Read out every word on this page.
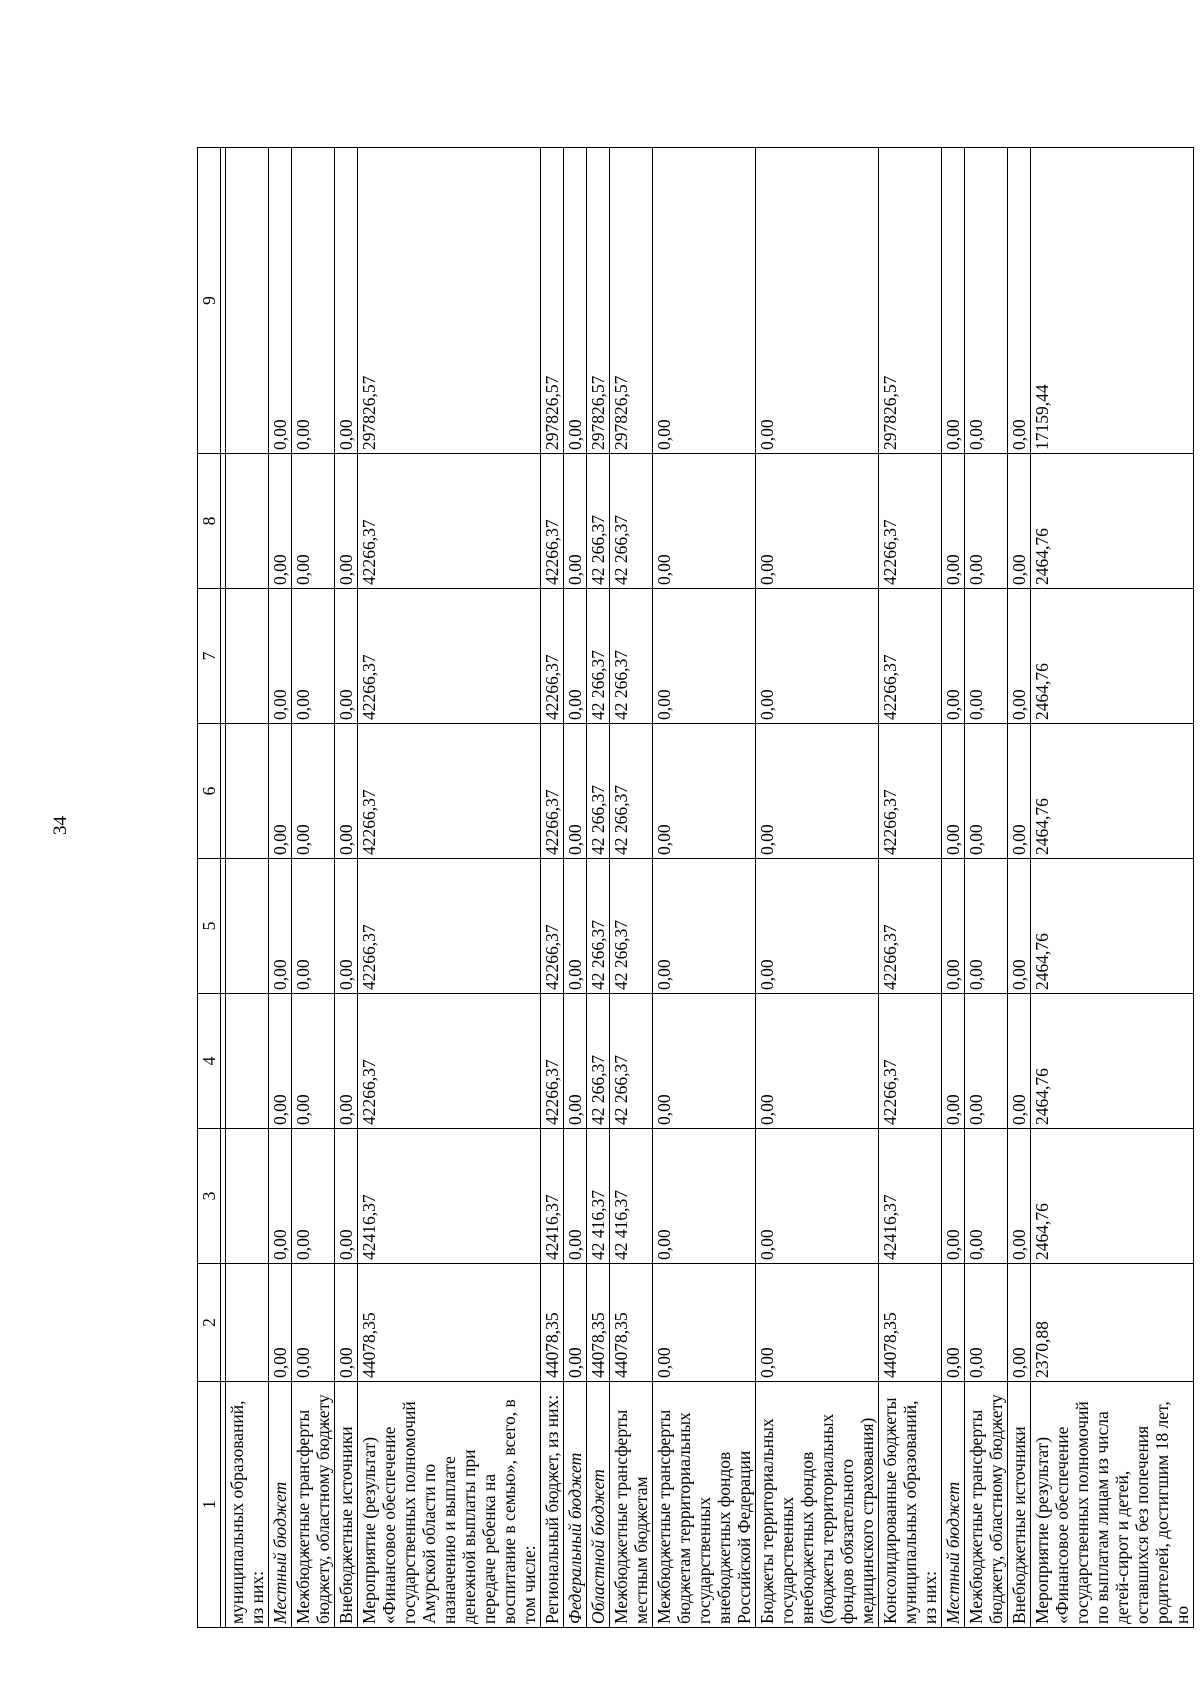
34
1	2	3	4	5	6	7	8	9

муниципальных образований, из них:								
Местный бюджет	0,00	0,00	0,00	0,00	0,00	0,00	0,00	0,00
Межбюджетные трансферты бюджету, областному бюджету	0,00	0,00	0,00	0,00	0,00	0,00	0,00	0,00
Внебюджетные источники	0,00	0,00	0,00	0,00	0,00	0,00	0,00	0,00
Мероприятие (результат) «Финансовое обеспечение государственных полномочий Амурской области по назначению и выплате денежной выплаты при передаче ребенка на воспитание в семью», всего, в том числе:	44078,35	42416,37	42266,37	42266,37	42266,37	42266,37	42266,37	297826,57
Региональный бюджет, из них:	44078,35	42416,37	42266,37	42266,37	42266,37	42266,37	42266,37	297826,57
Федеральный бюджет	0,00	0,00	0,00	0,00	0,00	0,00	0,00	0,00
Областной бюджет	44078,35	42 416,37	42 266,37	42 266,37	42 266,37	42 266,37	42 266,37	297826,57
Межбюджетные трансферты местным бюджетам	44078,35	42 416,37	42 266,37	42 266,37	42 266,37	42 266,37	42 266,37	297826,57
Межбюджетные трансферты бюджетам территориальных государственных внебюджетных фондов Российской Федерации	0,00	0,00	0,00	0,00	0,00	0,00	0,00	0,00
Бюджеты территориальных государственных внебюджетных фондов (бюджеты территориальных фондов обязательного медицинского страхования)	0,00	0,00	0,00	0,00	0,00	0,00	0,00	0,00
Консолидированные бюджеты муниципальных образований, из них:	44078,35	42416,37	42266,37	42266,37	42266,37	42266,37	42266,37	297826,57
Местный бюджет	0,00	0,00	0,00	0,00	0,00	0,00	0,00	0,00
Межбюджетные трансферты бюджету, областному бюджету	0,00	0,00	0,00	0,00	0,00	0,00	0,00	0,00
Внебюджетные источники	0,00	0,00	0,00	0,00	0,00	0,00	0,00	0,00
Мероприятие (результат) «Финансовое обеспечение государственных полномочий по выплатам лицам из числа детей-сирот и детей, оставшихся без попечения родителей, достигшим 18 лет, но	2370,88	2464,76	2464,76	2464,76	2464,76	2464,76	2464,76	17159,44
